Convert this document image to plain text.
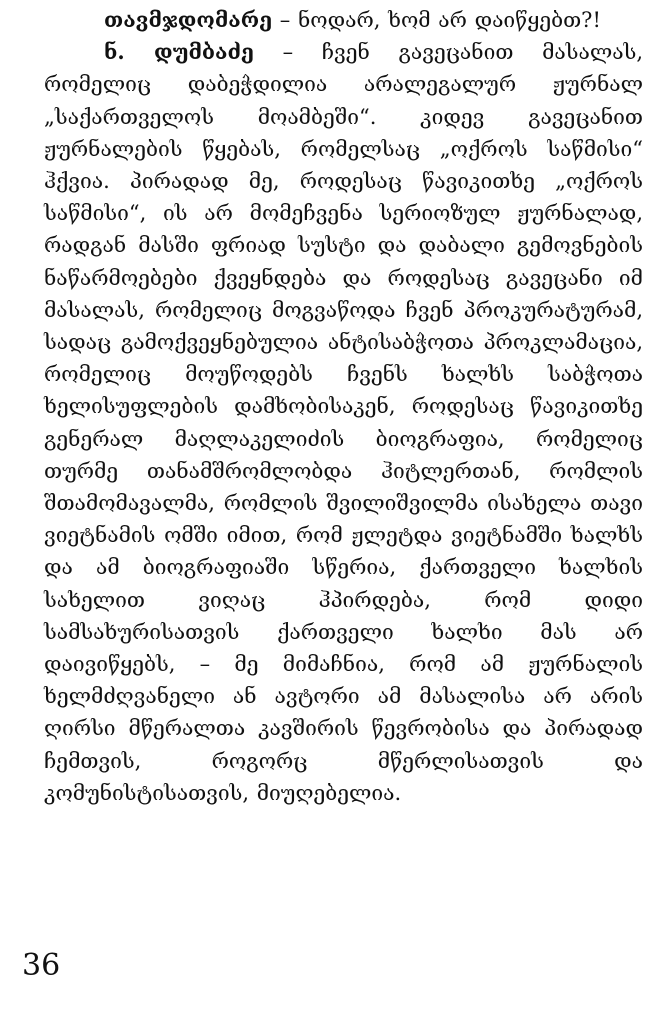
თავმჯდომარე – ნოდარ, ხომ არ დაიწყებთ?!

ნ. დუმბაძე – ჩვენ გავეცანით მასალას, რომელიც დაბეჭდილია არალეგალურ ჟურნალ „საქართველოს მოამბეში“. კიდევ გავეცანით ჟურნალების წყებას, რომელსაც „ოქროს საწმისი“ ჰქვია. პირადად მე, როდესაც წავიკითხე „ოქროს საწმისი“, ის არ მომეჩვენა სერიოზულ ჟურნალად, რადგან მასში ფრიად სუსტი და დაბალი გემოვნების ნაწარმოებები ქვეყნდება და როდესაც გავეცანი იმ მასალას, რომელიც მოგვაწოდა ჩვენ პროკურატურამ, სადაც გამოქვეყნებულია ანტისაბჭოთა პროკლამაცია, რომელიც მოუწოდებს ჩვენს ხალხს საბჭოთა ხელისუფლების დამხობისაკენ, როდესაც წავიკითხე გენერალ მაღლაკელიძის ბიოგრაფია, რომელიც თურმე თანამშრომლობდა ჰიტლერთან, რომლის შთამომავალმა, რომლის შვილიშვილმა ისახელა თავი ვიეტნამის ომში იმით, რომ ჟლეტდა ვიეტნამში ხალხს და ამ ბიოგრაფიაში სწერია, ქართველი ხალხის სახელით ვიღაც ჰპირდება, რომ დიდი სამსახურისათვის ქართველი ხალხი მას არ დაივიწყებს, – მე მიმაჩნია, რომ ამ ჟურნალის ხელმძღვანელი ან ავტორი ამ მასალისა არ არის ღირსი მწერალთა კავშირის წევრობისა და პირადად ჩემთვის, როგორც მწერლისათვის და კომუნისტისათვის, მიუღებელია.

36
